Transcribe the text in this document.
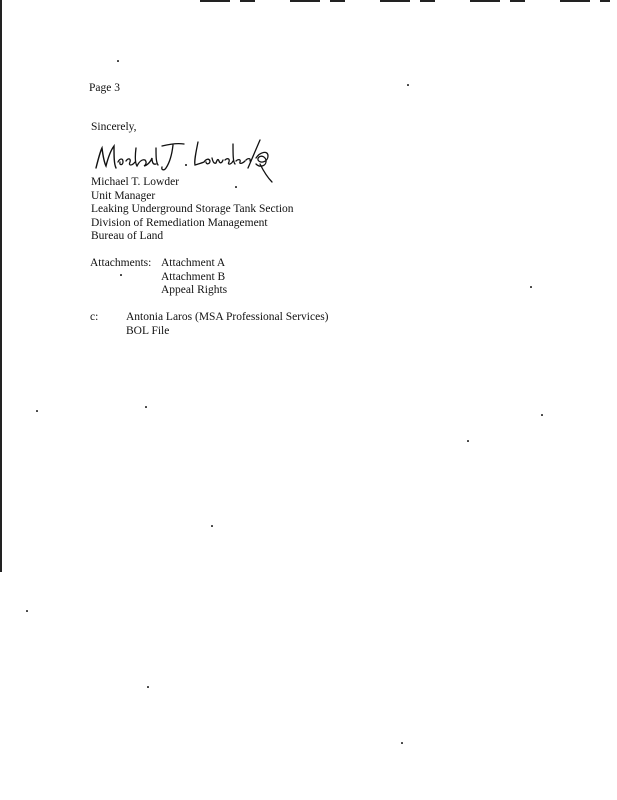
Page 3
Sincerely,
Michael T. Lowder
Unit Manager
Leaking Underground Storage Tank Section
Division of Remediation Management
Bureau of Land
Attachments: Attachment A
Attachment B
Appeal Rights
c: Antonia Laros (MSA Professional Services)
BOL File
